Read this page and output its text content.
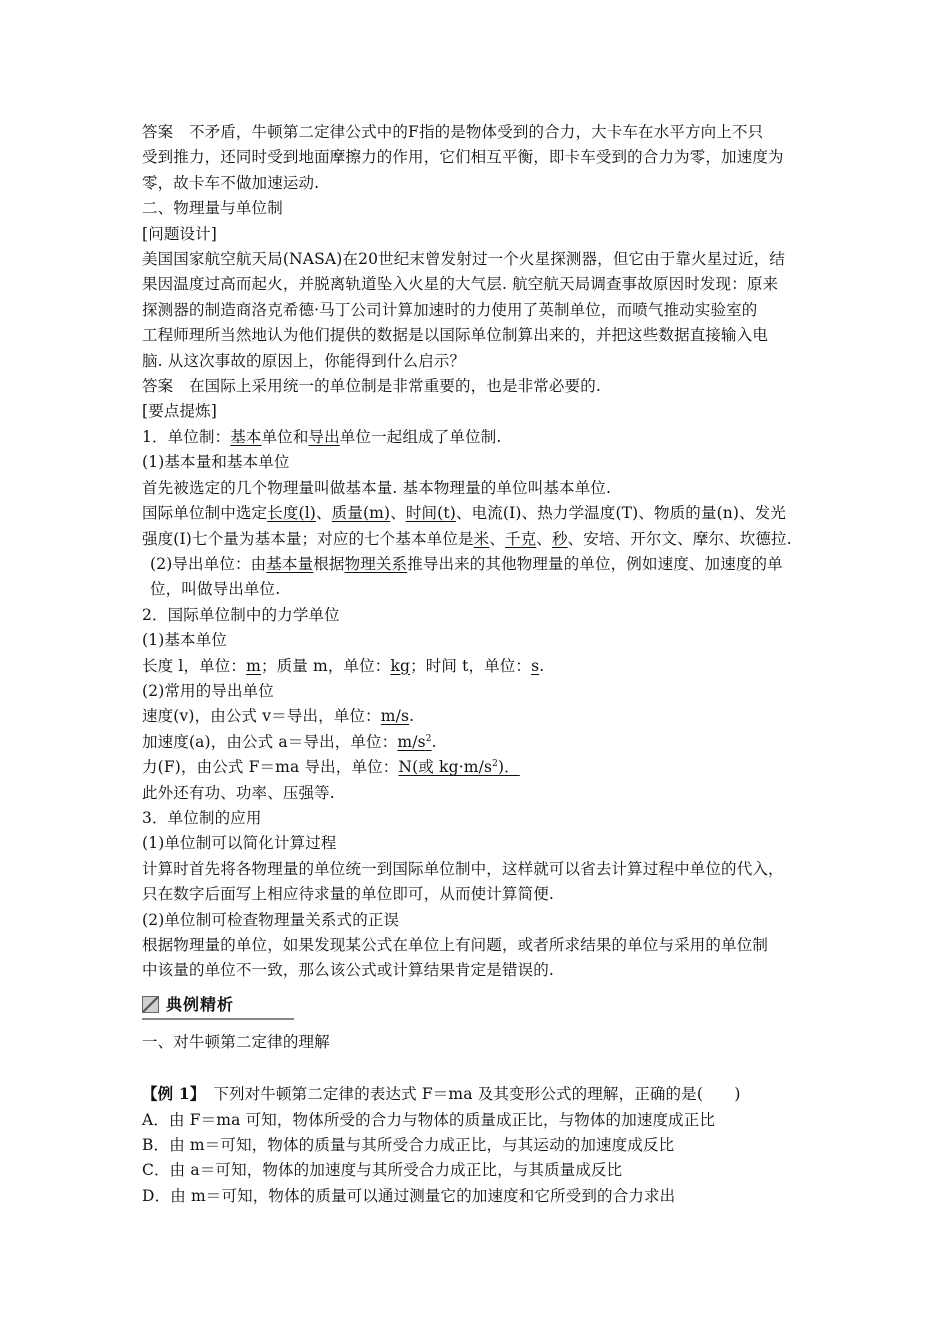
答案　不矛盾，牛顿第二定律公式中的F指的是物体受到的合力，大卡车在水平方向上不只
受到推力，还同时受到地面摩擦力的作用，它们相互平衡，即卡车受到的合力为零，加速度为
零，故卡车不做加速运动.
二、物理量与单位制
[问题设计]
美国国家航空航天局(NASA)在20世纪末曾发射过一个火星探测器，但它由于靠火星过近，结
果因温度过高而起火，并脱离轨道坠入火星的大气层. 航空航天局调查事故原因时发现：原来
探测器的制造商洛克希德·马丁公司计算加速时的力使用了英制单位，而喷气推动实验室的
工程师理所当然地认为他们提供的数据是以国际单位制算出来的，并把这些数据直接输入电
脑. 从这次事故的原因上，你能得到什么启示？
答案　在国际上采用统一的单位制是非常重要的，也是非常必要的.
[要点提炼]
1．单位制：基本单位和导出单位一起组成了单位制.
(1)基本量和基本单位
首先被选定的几个物理量叫做基本量. 基本物理量的单位叫基本单位.
国际单位制中选定长度(l)、质量(m)、时间(t)、电流(I)、热力学温度(T)、物质的量(n)、发光
强度(I)七个量为基本量；对应的七个基本单位是米、千克、秒、安培、开尔文、摩尔、坎德拉.
(2)导出单位：由基本量根据物理关系推导出来的其他物理量的单位，例如速度、加速度的单
位，叫做导出单位.
2．国际单位制中的力学单位
(1)基本单位
长度 l，单位：m；质量 m，单位：kg；时间 t，单位：s.
(2)常用的导出单位
速度(v)，由公式 v＝导出，单位：m/s.
加速度(a)，由公式 a＝导出，单位：$m/s^2$.
力(F)，由公式 F＝ma 导出，单位：N(或 $kg\cdot m/s^2$)．
此外还有功、功率、压强等.
3．单位制的应用
(1)单位制可以简化计算过程
计算时首先将各物理量的单位统一到国际单位制中，这样就可以省去计算过程中单位的代入，
只在数字后面写上相应待求量的单位即可，从而使计算简便.
(2)单位制可检查物理量关系式的正误
根据物理量的单位，如果发现某公式在单位上有问题，或者所求结果的单位与采用的单位制
中该量的单位不一致，那么该公式或计算结果肯定是错误的.
典例精析
一、对牛顿第二定律的理解
【例 1】　下列对牛顿第二定律的表达式 F＝ma 及其变形公式的理解，正确的是(　　)
A．由 F＝ma 可知，物体所受的合力与物体的质量成正比，与物体的加速度成正比
B．由 m＝可知，物体的质量与其所受合力成正比，与其运动的加速度成反比
C．由 a＝可知，物体的加速度与其所受合力成正比，与其质量成反比
D．由 m＝可知，物体的质量可以通过测量它的加速度和它所受到的合力求出
